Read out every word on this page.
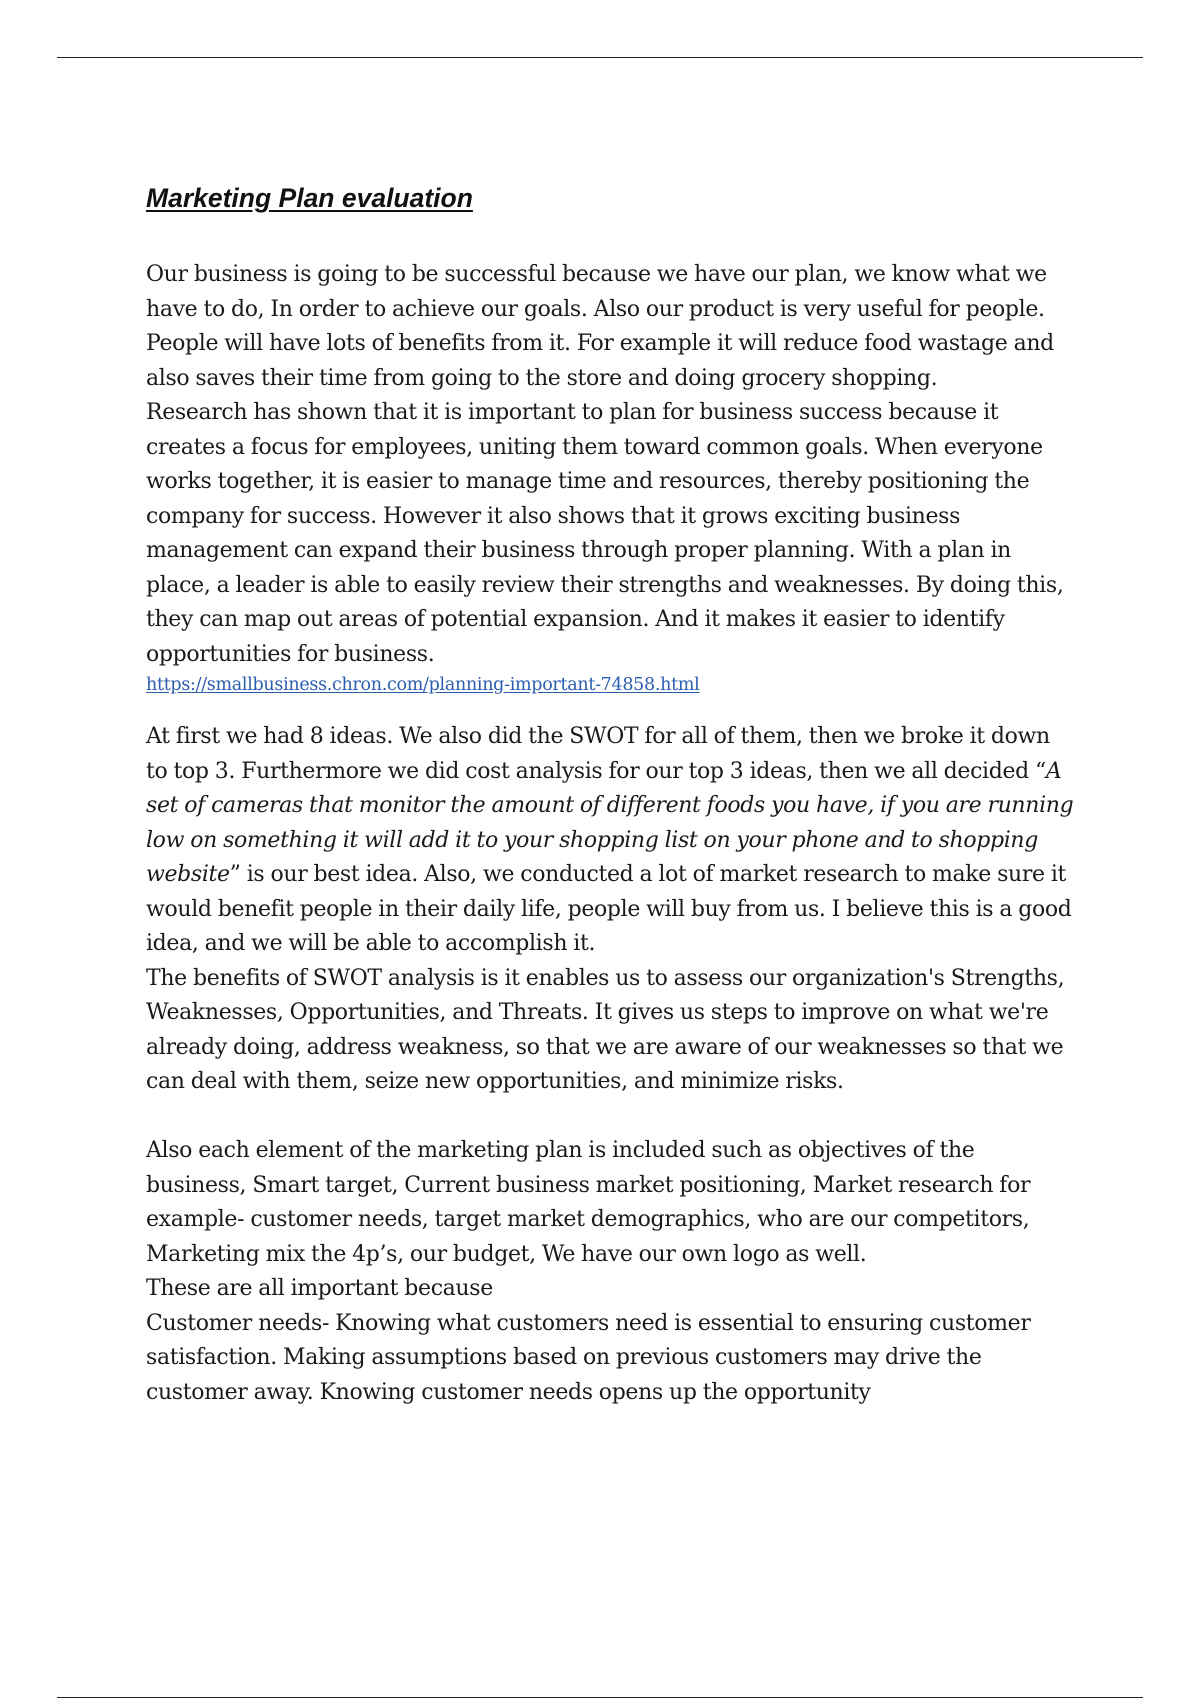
Marketing Plan evaluation

Our business is going to be successful because we have our plan, we know what we have to do, In order to achieve our goals. Also our product is very useful for people. People will have lots of benefits from it. For example it will reduce food wastage and also saves their time from going to the store and doing grocery shopping.

Research has shown that it is important to plan for business success because it creates a focus for employees, uniting them toward common goals. When everyone works together, it is easier to manage time and resources, thereby positioning the company for success. However it also shows that it grows exciting business management can expand their business through proper planning. With a plan in place, a leader is able to easily review their strengths and weaknesses. By doing this, they can map out areas of potential expansion. And it makes it easier to identify opportunities for business.

https://smallbusiness.chron.com/planning-important-74858.html

At first we had 8 ideas. We also did the SWOT for all of them, then we broke it down to top 3. Furthermore we did cost analysis for our top 3 ideas, then we all decided “A set of cameras that monitor the amount of different foods you have, if you are running low on something it will add it to your shopping list on your phone and to shopping website” is our best idea. Also, we conducted a lot of market research to make sure it would benefit people in their daily life, people will buy from us. I believe this is a good idea, and we will be able to accomplish it.

The benefits of SWOT analysis is it enables us to assess our organization's Strengths, Weaknesses, Opportunities, and Threats. It gives us steps to improve on what we're already doing, address weakness, so that we are aware of our weaknesses so that we can deal with them, seize new opportunities, and minimize risks.

Also each element of the marketing plan is included such as objectives of the business, Smart target, Current business market positioning, Market research for example- customer needs, target market demographics, who are our competitors, Marketing mix the 4p’s, our budget, We have our own logo as well.

These are all important because

Customer needs- Knowing what customers need is essential to ensuring customer satisfaction. Making assumptions based on previous customers may drive the customer away. Knowing customer needs opens up the opportunity
